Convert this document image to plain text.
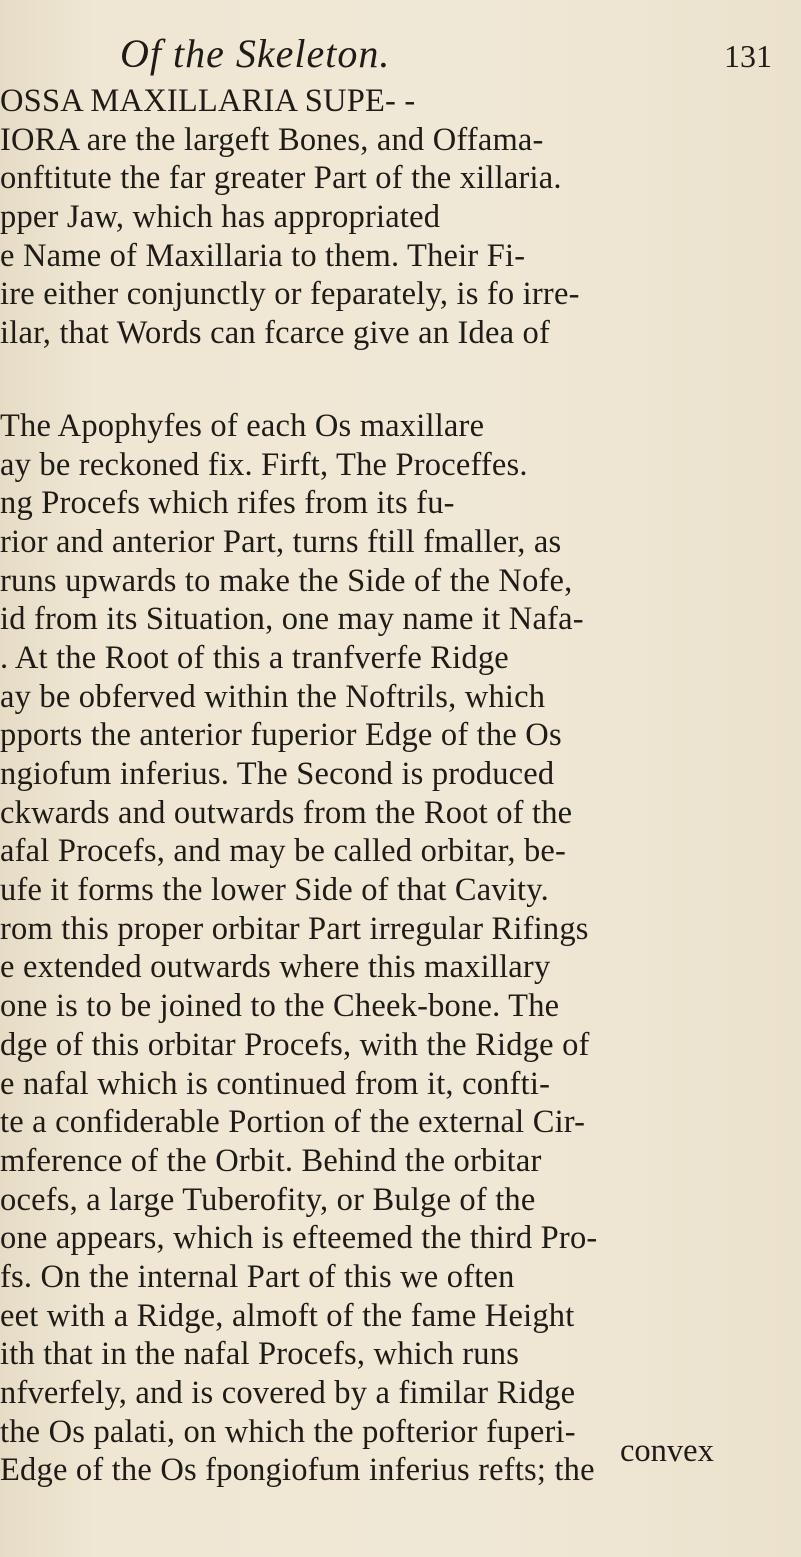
Of the Skeleton.	131
OSSA MAXILLARIA SUPE- -
IORA are the largeft Bones, and Offama-
onftitute the far greater Part of the xillaria.
pper Jaw, which has appropriated
e Name of Maxillaria to them. Their Fi-
ire either conjunctly or feparately, is fo irre-
ilar, that Words can fcarce give an Idea of
The Apophyfes of each Os maxillare
ay be reckoned fix. Firft, The Proceffes.
ng Procefs which rifes from its fu-
rior and anterior Part, turns ftill fmaller, as
runs upwards to make the Side of the Nofe,
id from its Situation, one may name it Nafa-
. At the Root of this a tranfverfe Ridge
ay be obferved within the Noftrils, which
pports the anterior fuperior Edge of the Os
ngiofum inferius. The Second is produced
ckwards and outwards from the Root of the
afal Procefs, and may be called orbitar, be-
ufe it forms the lower Side of that Cavity.
rom this proper orbitar Part irregular Rifings
e extended outwards where this maxillary
one is to be joined to the Cheek-bone. The
dge of this orbitar Procefs, with the Ridge of
e nafal which is continued from it, confti-
te a confiderable Portion of the external Cir-
mference of the Orbit. Behind the orbitar
ocefs, a large Tuberofity, or Bulge of the
one appears, which is efteemed the third Pro-
fs. On the internal Part of this we often
eet with a Ridge, almoft of the fame Height
ith that in the nafal Procefs, which runs
nfverfely, and is covered by a fimilar Ridge
the Os palati, on which the pofterior fuperi-
Edge of the Os fpongiofum inferius refts; the
convex
